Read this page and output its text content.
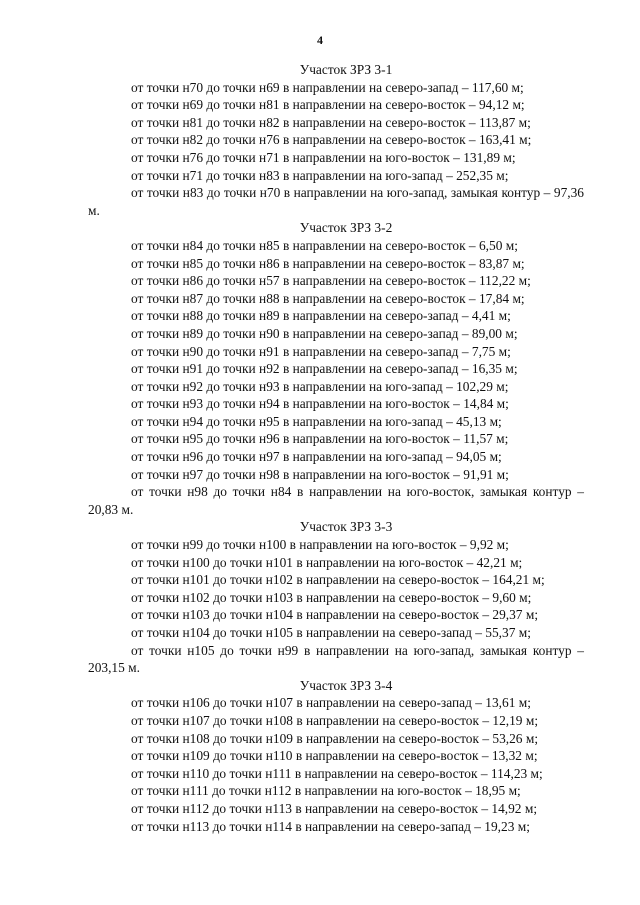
4
Участок ЗРЗ 3-1
от точки н70 до точки н69 в направлении на северо-запад – 117,60 м;
от точки н69 до точки н81 в направлении на северо-восток – 94,12 м;
от точки н81 до точки н82 в направлении на северо-восток – 113,87 м;
от точки н82 до точки н76 в направлении на северо-восток – 163,41 м;
от точки н76 до точки н71 в направлении на юго-восток – 131,89 м;
от точки н71 до точки н83 в направлении на юго-запад – 252,35 м;
от точки н83 до точки н70 в направлении на юго-запад, замыкая контур – 97,36 м.
Участок ЗРЗ 3-2
от точки н84 до точки н85 в направлении на северо-восток – 6,50 м;
от точки н85 до точки н86 в направлении на северо-восток – 83,87 м;
от точки н86 до точки н57 в направлении на северо-восток – 112,22 м;
от точки н87 до точки н88 в направлении на северо-восток – 17,84 м;
от точки н88 до точки н89 в направлении на северо-запад – 4,41 м;
от точки н89 до точки н90 в направлении на северо-запад – 89,00 м;
от точки н90 до точки н91 в направлении на северо-запад – 7,75 м;
от точки н91 до точки н92 в направлении на северо-запад – 16,35 м;
от точки н92 до точки н93 в направлении на юго-запад – 102,29 м;
от точки н93 до точки н94 в направлении на юго-восток – 14,84 м;
от точки н94 до точки н95 в направлении на юго-запад – 45,13 м;
от точки н95 до точки н96 в направлении на юго-восток – 11,57 м;
от точки н96 до точки н97 в направлении на юго-запад – 94,05 м;
от точки н97 до точки н98 в направлении на юго-восток – 91,91 м;
от точки н98 до точки н84 в направлении на юго-восток, замыкая контур – 20,83 м.
Участок ЗРЗ 3-3
от точки н99 до точки н100 в направлении на юго-восток – 9,92 м;
от точки н100 до точки н101 в направлении на юго-восток – 42,21 м;
от точки н101 до точки н102 в направлении на северо-восток – 164,21 м;
от точки н102 до точки н103 в направлении на северо-восток – 9,60 м;
от точки н103 до точки н104 в направлении на северо-восток – 29,37 м;
от точки н104 до точки н105 в направлении на северо-запад – 55,37 м;
от точки н105 до точки н99 в направлении на юго-запад, замыкая контур – 203,15 м.
Участок ЗРЗ 3-4
от точки н106 до точки н107 в направлении на северо-запад – 13,61 м;
от точки н107 до точки н108 в направлении на северо-восток – 12,19 м;
от точки н108 до точки н109 в направлении на северо-восток – 53,26 м;
от точки н109 до точки н110 в направлении на северо-восток – 13,32 м;
от точки н110 до точки н111 в направлении на северо-восток – 114,23 м;
от точки н111 до точки н112 в направлении на юго-восток – 18,95 м;
от точки н112 до точки н113 в направлении на северо-восток – 14,92 м;
от точки н113 до точки н114 в направлении на северо-запад – 19,23 м;
